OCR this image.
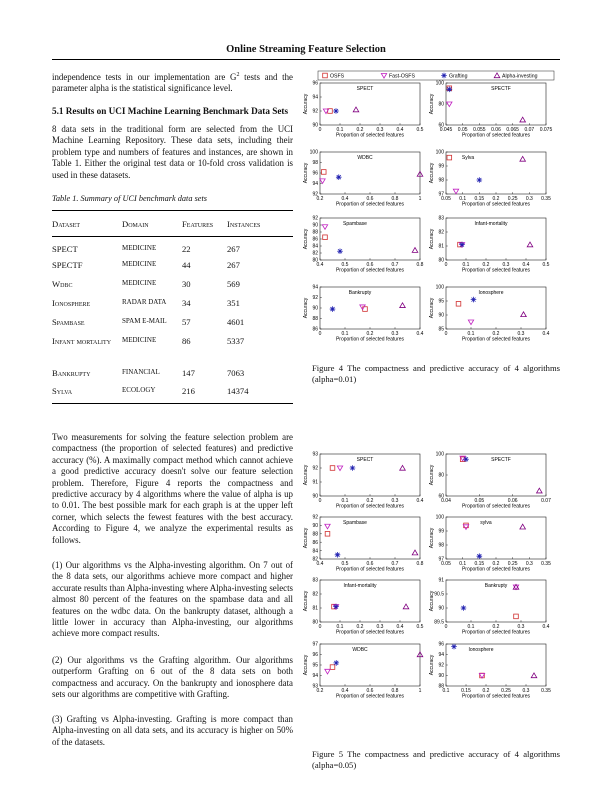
Online Streaming Feature Selection

independence tests in our implementation are $G^2$ tests and the parameter alpha is the statistical significance level.

5.1 Results on UCI Machine Learning Benchmark Data Sets
8 data sets in the traditional form are selected from the UCI Machine Learning Repository. These data sets, including their problem type and numbers of features and instances, are shown in Table 1. Either the original test data or 10-fold cross validation is used in these datasets.
Table 1. Summary of UCI benchmark data sets
Dataset	Domain	Features	Instances
SPECT	MEDICINE	22	267
SPECTF	MEDICINE	44	267
Wdbc	MEDICINE	30	569
Ionosphere	RADAR DATA	34	351
Spambase	SPAM E-MAIL	57	4601
Infant mortality	MEDICINE	86	5337
Bankrupty	FINANCIAL	147	7063
Sylva	ECOLOGY	216	14374
Two measurements for solving the feature selection problem are compactness (the proportion of selected features) and predictive accuracy (%). A maximally compact method which cannot achieve a good predictive accuracy doesn't solve our feature selection problem. Therefore, Figure 4 reports the compactness and predictive accuracy by 4 algorithms where the value of alpha is up to 0.01. The best possible mark for each graph is at the upper left corner, which selects the fewest features with the best accuracy. According to Figure 4, we analyze the experimental results as follows.
(1) Our algorithms vs the Alpha-investing algorithm. On 7 out of the 8 data sets, our algorithms achieve more compact and higher accurate results than Alpha-investing where Alpha-investing selects almost 80 percent of the features on the spambase data and all features on the wdbc data. On the bankrupty dataset, although a little lower in accuracy than Alpha-investing, our algorithms achieve more compact results.
(2) Our algorithms vs the Grafting algorithm. Our algorithms outperform Grafting on 6 out of the 8 data sets on both compactness and accuracy. On the bankrupty and ionosphere data sets our algorithms are competitive with Grafting.
(3) Grafting vs Alpha-investing. Grafting is more compact than Alpha-investing on all data sets, and its accuracy is higher on 50% of the datasets.
0	0.1	0.2	0.3	0.4	0.5
90
92
94
96
Proportion of selected features
Accuracy
SPECT
0.045 0.05 0.055 0.06 0.065 0.07 0.075
60
80
100
Proportion of selected features
Accuracy
SPECTF
0.2	0.4	0.6	0.8	1
92
94
96
98
100
Proportion of selected features
Accuracy
WDBC
0.05 0.1 0.15 0.2 0.25 0.3 0.35
97
98
99
100
Proportion of selected features
Accuracy
Sylva
0.4	0.5	0.6	0.7	0.8
80
82
84
86
88
90
92
Proportion of selected features
Accuracy
Spambase
0	0.1	0.2	0.3	0.4	0.5
80
81
82
83
Proportion of selected features
Accuracy
Infant-mortality
0	0.1	0.2	0.3	0.4
86
88
90
92
94
Proportion of selected features
Accuracy
Bankrupty
0	0.1	0.2	0.3	0.4
85
90
95
100
Proportion of selected features
Accuracy
Ionosphere
0	0.1	0.2	0.3	0.4
90
91
92
93
Proportion of selected features
Accuracy
SPECT
0.04	0.05	0.06	0.07
60
80
100
Proportion of selected features
Accuracy
SPECTF
0.4	0.5	0.6	0.7	0.8
82
84
86
88
90
92
Proportion of selected features
Accuracy
Spambase
0.05 0.1 0.15 0.2 0.25 0.3 0.35
97
98
99
100
Proportion of selected features
Accuracy
sylva
0	0.1	0.2	0.3	0.4	0.5
80
81
82
83
Proportion of selected features
Accuracy
Infant-mortality
0	0.1	0.2	0.3	0.4
89.5
90
90.5
91
Proportion of selected features
Accuracy
Bankrupty
0.2	0.4	0.6	0.8	1
93
94
95
96
97
Proportion of selected features
Accuracy
WDBC
0.1 0.15 0.2 0.25 0.3 0.35
88
90
92
94
96
Proportion of selected features
Accuracy
Ionosphere
OSFS	Fast-OSFS	Grafting	Alpha-investing
Figure 4 The compactness and predictive accuracy of 4 algorithms (alpha=0.01)
Figure 5 The compactness and predictive accuracy of 4 algorithms (alpha=0.05)
